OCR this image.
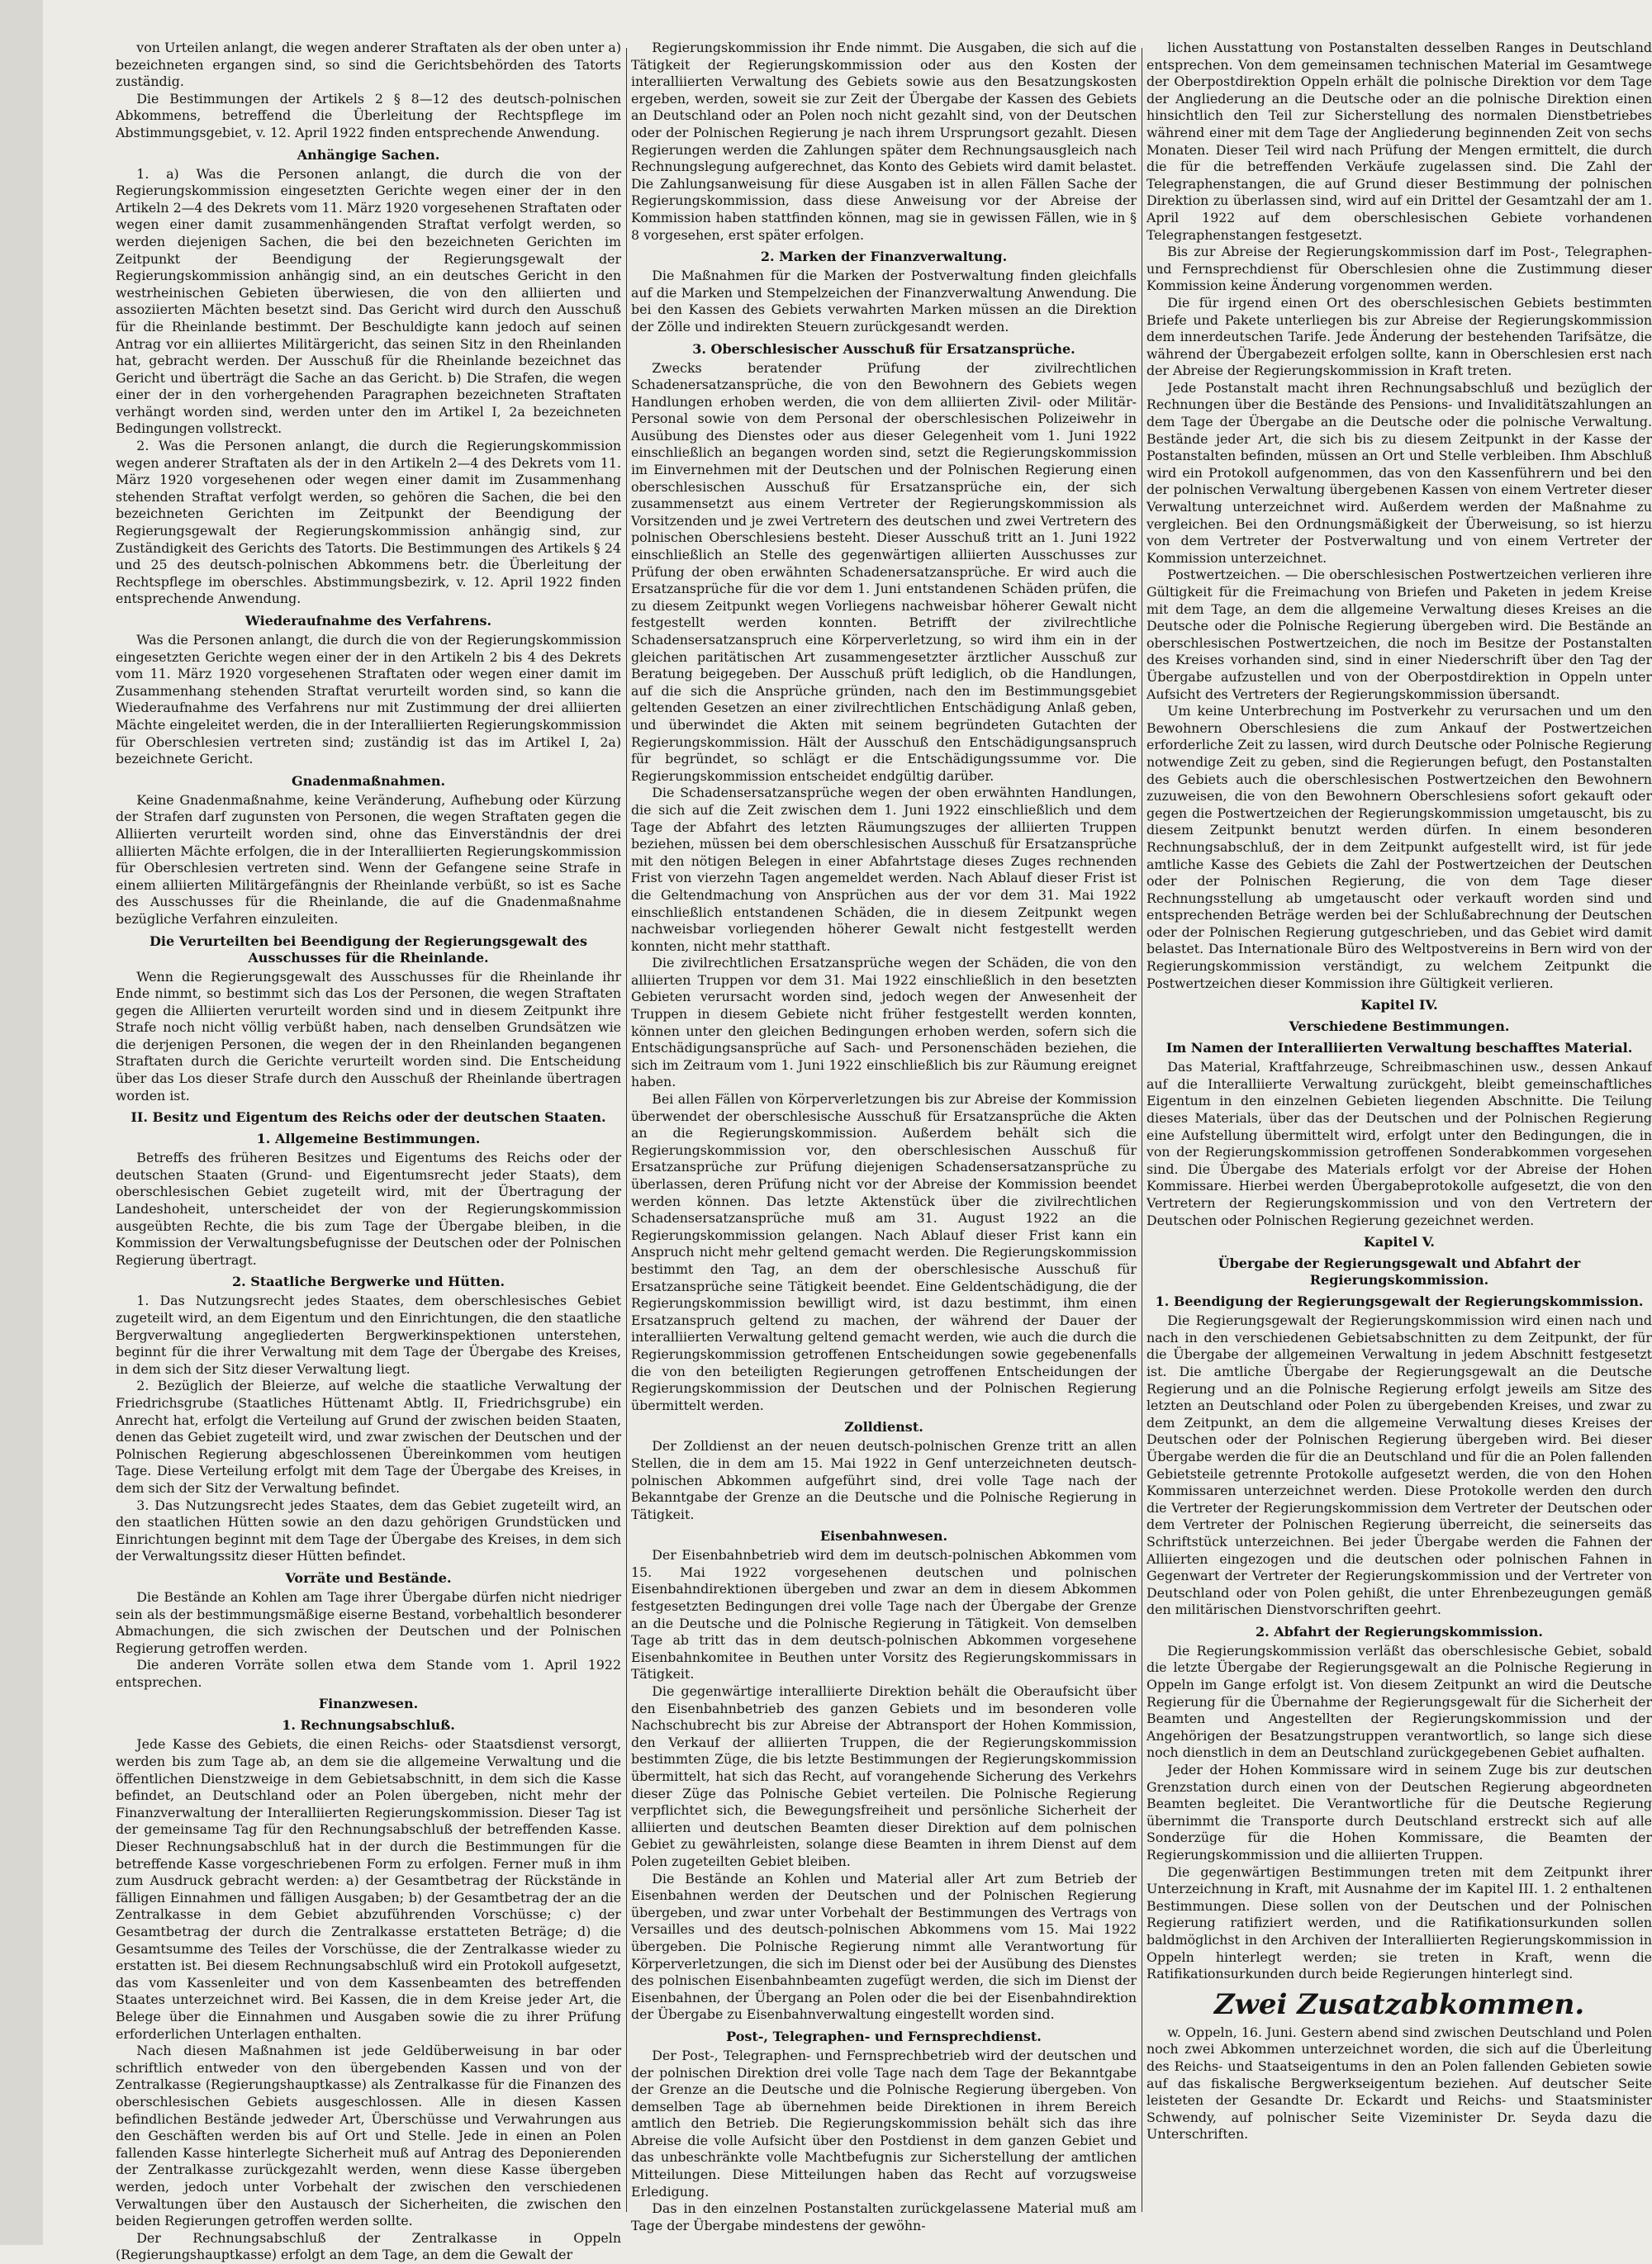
von Urteilen anlangt, die wegen anderer Straftaten als der oben unter a) bezeichneten ergangen sind, so sind die Gerichtsbehörden des Tatorts zuständig.

Die Bestimmungen der Artikels 2 § 8—12 des deutsch-polnischen Abkommens, betreffend die Überleitung der Rechtspflege im Abstimmungsgebiet, v. 12. April 1922 finden entsprechende Anwendung.

Anhängige Sachen.

1. a) Was die Personen anlangt, die durch die von der Regierungskommission eingesetzten Gerichte wegen einer der in den Artikeln 2—4 des Dekrets vom 11. März 1920 vorgesehenen Straftaten oder wegen einer damit zusammenhängenden Straftat verfolgt werden, so werden diejenigen Sachen, die bei den bezeichneten Gerichten im Zeitpunkt der Beendigung der Regierungsgewalt der Regierungskommission anhängig sind, an ein deutsches Gericht in den westrheinischen Gebieten überwiesen, die von den alliierten und assoziierten Mächten besetzt sind. Das Gericht wird durch den Ausschuß für die Rheinlande bestimmt. Der Beschuldigte kann jedoch auf seinen Antrag vor ein alliiertes Militärgericht, das seinen Sitz in den Rheinlanden hat, gebracht werden. Der Ausschuß für die Rheinlande bezeichnet das Gericht und überträgt die Sache an das Gericht. b) Die Strafen, die wegen einer der in den vorhergehenden Paragraphen bezeichneten Straftaten verhängt worden sind, werden unter den im Artikel I, 2a bezeichneten Bedingungen vollstreckt.

2. Was die Personen anlangt, die durch die Regierungskommission wegen anderer Straftaten als der in den Artikeln 2—4 des Dekrets vom 11. März 1920 vorgesehenen oder wegen einer damit im Zusammenhang stehenden Straftat verfolgt werden, so gehören die Sachen, die bei den bezeichneten Gerichten im Zeitpunkt der Beendigung der Regierungsgewalt der Regierungskommission anhängig sind, zur Zuständigkeit des Gerichts des Tatorts. Die Bestimmungen des Artikels § 24 und 25 des deutsch-polnischen Abkommens betr. die Überleitung der Rechtspflege im oberschles. Abstimmungsbezirk, v. 12. April 1922 finden entsprechende Anwendung.

Wiederaufnahme des Verfahrens.

Was die Personen anlangt, die durch die von der Regierungskommission eingesetzten Gerichte wegen einer der in den Artikeln 2 bis 4 des Dekrets vom 11. März 1920 vorgesehenen Straftaten oder wegen einer damit im Zusammenhang stehenden Straftat verurteilt worden sind, so kann die Wiederaufnahme des Verfahrens nur mit Zustimmung der drei alliierten Mächte eingeleitet werden, die in der Interalliierten Regierungskommission für Oberschlesien vertreten sind; zuständig ist das im Artikel I, 2a) bezeichnete Gericht.

Gnadenmaßnahmen.

Keine Gnadenmaßnahme, keine Veränderung, Aufhebung oder Kürzung der Strafen darf zugunsten von Personen, die wegen Straftaten gegen die Alliierten verurteilt worden sind, ohne das Einverständnis der drei alliierten Mächte erfolgen, die in der Interalliierten Regierungskommission für Oberschlesien vertreten sind. Wenn der Gefangene seine Strafe in einem alliierten Militärgefängnis der Rheinlande verbüßt, so ist es Sache des Ausschusses für die Rheinlande, die auf die Gnadenmaßnahme bezügliche Verfahren einzuleiten.

Die Verurteilten bei Beendigung der Regierungsgewalt des Ausschusses für die Rheinlande.

Wenn die Regierungsgewalt des Ausschusses für die Rheinlande ihr Ende nimmt, so bestimmt sich das Los der Personen, die wegen Straftaten gegen die Alliierten verurteilt worden sind und in diesem Zeitpunkt ihre Strafe noch nicht völlig verbüßt haben, nach denselben Grundsätzen wie die derjenigen Personen, die wegen der in den Rheinlanden begangenen Straftaten durch die Gerichte verurteilt worden sind. Die Entscheidung über das Los dieser Strafe durch den Ausschuß der Rheinlande übertragen worden ist.

II. Besitz und Eigentum des Reichs oder der deutschen Staaten.
1. Allgemeine Bestimmungen.

Betreffs des früheren Besitzes und Eigentums des Reichs oder der deutschen Staaten (Grund- und Eigentumsrecht jeder Staats), dem oberschlesischen Gebiet zugeteilt wird, mit der Übertragung der Landeshoheit, unterscheidet der von der Regierungskommission ausgeübten Rechte, die bis zum Tage der Übergabe bleiben, in die Kommission der Verwaltungsbefugnisse der Deutschen oder der Polnischen Regierung übertragt.

2. Staatliche Bergwerke und Hütten.

1. Das Nutzungsrecht jedes Staates, dem oberschlesisches Gebiet zugeteilt wird, an dem Eigentum und den Einrichtungen, die den staatliche Bergverwaltung angegliederten Bergwerkinspektionen unterstehen, beginnt für die ihrer Verwaltung mit dem Tage der Übergabe des Kreises, in dem sich der Sitz dieser Verwaltung liegt.

2. Bezüglich der Bleierze, auf welche die staatliche Verwaltung der Friedrichsgrube (Staatliches Hüttenamt Abtlg. II, Friedrichsgrube) ein Anrecht hat, erfolgt die Verteilung auf Grund der zwischen beiden Staaten, denen das Gebiet zugeteilt wird, und zwar zwischen der Deutschen und der Polnischen Regierung abgeschlossenen Übereinkommen vom heutigen Tage. Diese Verteilung erfolgt mit dem Tage der Übergabe des Kreises, in dem sich der Sitz der Verwaltung befindet.

3. Das Nutzungsrecht jedes Staates, dem das Gebiet zugeteilt wird, an den staatlichen Hütten sowie an den dazu gehörigen Grundstücken und Einrichtungen beginnt mit dem Tage der Übergabe des Kreises, in dem sich der Verwaltungssitz dieser Hütten befindet.

Vorräte und Bestände.

Die Bestände an Kohlen am Tage ihrer Übergabe dürfen nicht niedriger sein als der bestimmungsmäßige eiserne Bestand, vorbehaltlich besonderer Abmachungen, die sich zwischen der Deutschen und der Polnischen Regierung getroffen werden.

Die anderen Vorräte sollen etwa dem Stande vom 1. April 1922 entsprechen.

Finanzwesen.
1. Rechnungsabschluß.

Jede Kasse des Gebiets, die einen Reichs- oder Staatsdienst versorgt, werden bis zum Tage ab, an dem sie die allgemeine Verwaltung und die öffentlichen Dienstzweige in dem Gebietsabschnitt, in dem sich die Kasse befindet, an Deutschland oder an Polen übergeben, nicht mehr der Finanzverwaltung der Interalliierten Regierungskommission. Dieser Tag ist der gemeinsame Tag für den Rechnungsabschluß der betreffenden Kasse. Dieser Rechnungsabschluß hat in der durch die Bestimmungen für die betreffende Kasse vorgeschriebenen Form zu erfolgen. Ferner muß in ihm zum Ausdruck gebracht werden: a) der Gesamtbetrag der Rückstände in fälligen Einnahmen und fälligen Ausgaben; b) der Gesamtbetrag der an die Zentralkasse in dem Gebiet abzuführenden Vorschüsse; c) der Gesamtbetrag der durch die Zentralkasse erstatteten Beträge; d) die Gesamtsumme des Teiles der Vorschüsse, die der Zentralkasse wieder zu erstatten ist. Bei diesem Rechnungsabschluß wird ein Protokoll aufgesetzt, das vom Kassenleiter und von dem Kassenbeamten des betreffenden Staates unterzeichnet wird. Bei Kassen, die in dem Kreise jeder Art, die Belege über die Einnahmen und Ausgaben sowie die zu ihrer Prüfung erforderlichen Unterlagen enthalten.

Nach diesen Maßnahmen ist jede Geldüberweisung in bar oder schriftlich entweder von den übergebenden Kassen und von der Zentralkasse (Regierungshauptkasse) als Zentralkasse für die Finanzen des oberschlesischen Gebiets ausgeschlossen. Alle in diesen Kassen befindlichen Bestände jedweder Art, Überschüsse und Verwahrungen aus den Geschäften werden bis auf Ort und Stelle. Jede in einen an Polen fallenden Kasse hinterlegte Sicherheit muß auf Antrag des Deponierenden der Zentralkasse zurückgezahlt werden, wenn diese Kasse übergeben werden, jedoch unter Vorbehalt der zwischen den verschiedenen Verwaltungen über den Austausch der Sicherheiten, die zwischen den beiden Regierungen getroffen werden sollte.

Der Rechnungsabschluß der Zentralkasse in Oppeln (Regierungshauptkasse) erfolgt an dem Tage, an dem die Gewalt der

Regierungskommission ihr Ende nimmt. Die Ausgaben, die sich auf die Tätigkeit der Regierungskommission oder aus den Kosten der interalliierten Verwaltung des Gebiets sowie aus den Besatzungskosten ergeben, werden, soweit sie zur Zeit der Übergabe der Kassen des Gebiets an Deutschland oder an Polen noch nicht gezahlt sind, von der Deutschen oder der Polnischen Regierung je nach ihrem Ursprungsort gezahlt. Diesen Regierungen werden die Zahlungen später dem Rechnungsausgleich nach Rechnungslegung aufgerechnet, das Konto des Gebiets wird damit belastet. Die Zahlungsanweisung für diese Ausgaben ist in allen Fällen Sache der Regierungskommission, dass diese Anweisung vor der Abreise der Kommission haben stattfinden können, mag sie in gewissen Fällen, wie in § 8 vorgesehen, erst später erfolgen.

2. Marken der Finanzverwaltung.

Die Maßnahmen für die Marken der Postverwaltung finden gleichfalls auf die Marken und Stempelzeichen der Finanzverwaltung Anwendung. Die bei den Kassen des Gebiets verwahrten Marken müssen an die Direktion der Zölle und indirekten Steuern zurückgesandt werden.

3. Oberschlesischer Ausschuß für Ersatzansprüche.

Zwecks beratender Prüfung der zivilrechtlichen Schadenersatzansprüche, die von den Bewohnern des Gebiets wegen Handlungen erhoben werden, die von dem alliierten Zivil- oder Militär-Personal sowie von dem Personal der oberschlesischen Polizeiwehr in Ausübung des Dienstes oder aus dieser Gelegenheit vom 1. Juni 1922 einschließlich an begangen worden sind, setzt die Regierungskommission im Einvernehmen mit der Deutschen und der Polnischen Regierung einen oberschlesischen Ausschuß für Ersatzansprüche ein, der sich zusammensetzt aus einem Vertreter der Regierungskommission als Vorsitzenden und je zwei Vertretern des deutschen und zwei Vertretern des polnischen Oberschlesiens besteht. Dieser Ausschuß tritt an 1. Juni 1922 einschließlich an Stelle des gegenwärtigen alliierten Ausschusses zur Prüfung der oben erwähnten Schadenersatzansprüche. Er wird auch die Ersatzansprüche für die vor dem 1. Juni entstandenen Schäden prüfen, die zu diesem Zeitpunkt wegen Vorliegens nachweisbar höherer Gewalt nicht festgestellt werden konnten. Betrifft der zivilrechtliche Schadensersatzanspruch eine Körperverletzung, so wird ihm ein in der gleichen paritätischen Art zusammengesetzter ärztlicher Ausschuß zur Beratung beigegeben. Der Ausschuß prüft lediglich, ob die Handlungen, auf die sich die Ansprüche gründen, nach den im Bestimmungsgebiet geltenden Gesetzen an einer zivilrechtlichen Entschädigung Anlaß geben, und überwindet die Akten mit seinem begründeten Gutachten der Regierungskommission. Hält der Ausschuß den Entschädigungsanspruch für begründet, so schlägt er die Entschädigungssumme vor. Die Regierungskommission entscheidet endgültig darüber.

Die Schadensersatzansprüche wegen der oben erwähnten Handlungen, die sich auf die Zeit zwischen dem 1. Juni 1922 einschließlich und dem Tage der Abfahrt des letzten Räumungszuges der alliierten Truppen beziehen, müssen bei dem oberschlesischen Ausschuß für Ersatzansprüche mit den nötigen Belegen in einer Abfahrtstage dieses Zuges rechnenden Frist von vierzehn Tagen angemeldet werden. Nach Ablauf dieser Frist ist die Geltendmachung von Ansprüchen aus der vor dem 31. Mai 1922 einschließlich entstandenen Schäden, die in diesem Zeitpunkt wegen nachweisbar vorliegenden höherer Gewalt nicht festgestellt werden konnten, nicht mehr statthaft.

Die zivilrechtlichen Ersatzansprüche wegen der Schäden, die von den alliierten Truppen vor dem 31. Mai 1922 einschließlich in den besetzten Gebieten verursacht worden sind, jedoch wegen der Anwesenheit der Truppen in diesem Gebiete nicht früher festgestellt werden konnten, können unter den gleichen Bedingungen erhoben werden, sofern sich die Entschädigungsansprüche auf Sach- und Personenschäden beziehen, die sich im Zeitraum vom 1. Juni 1922 einschließlich bis zur Räumung ereignet haben.

Bei allen Fällen von Körperverletzungen bis zur Abreise der Kommission überwendet der oberschlesische Ausschuß für Ersatzansprüche die Akten an die Regierungskommission. Außerdem behält sich die Regierungskommission vor, den oberschlesischen Ausschuß für Ersatzansprüche zur Prüfung diejenigen Schadensersatzansprüche zu überlassen, deren Prüfung nicht vor der Abreise der Kommission beendet werden können. Das letzte Aktenstück über die zivilrechtlichen Schadensersatzansprüche muß am 31. August 1922 an die Regierungskommission gelangen. Nach Ablauf dieser Frist kann ein Anspruch nicht mehr geltend gemacht werden. Die Regierungskommission bestimmt den Tag, an dem der oberschlesische Ausschuß für Ersatzansprüche seine Tätigkeit beendet. Eine Geldentschädigung, die der Regierungskommission bewilligt wird, ist dazu bestimmt, ihm einen Ersatzanspruch geltend zu machen, der während der Dauer der interalliierten Verwaltung geltend gemacht werden, wie auch die durch die Regierungskommission getroffenen Entscheidungen sowie gegebenenfalls die von den beteiligten Regierungen getroffenen Entscheidungen der Regierungskommission der Deutschen und der Polnischen Regierung übermittelt werden.

Zolldienst.

Der Zolldienst an der neuen deutsch-polnischen Grenze tritt an allen Stellen, die in dem am 15. Mai 1922 in Genf unterzeichneten deutsch-polnischen Abkommen aufgeführt sind, drei volle Tage nach der Bekanntgabe der Grenze an die Deutsche und die Polnische Regierung in Tätigkeit.

Eisenbahnwesen.

Der Eisenbahnbetrieb wird dem im deutsch-polnischen Abkommen vom 15. Mai 1922 vorgesehenen deutschen und polnischen Eisenbahndirektionen übergeben und zwar an dem in diesem Abkommen festgesetzten Bedingungen drei volle Tage nach der Übergabe der Grenze an die Deutsche und die Polnische Regierung in Tätigkeit. Von demselben Tage ab tritt das in dem deutsch-polnischen Abkommen vorgesehene Eisenbahnkomitee in Beuthen unter Vorsitz des Regierungskommissars in Tätigkeit.

Die gegenwärtige interalliierte Direktion behält die Oberaufsicht über den Eisenbahnbetrieb des ganzen Gebiets und im besonderen volle Nachschubrecht bis zur Abreise der Abtransport der Hohen Kommission, den Verkauf der alliierten Truppen, die der Regierungskommission bestimmten Züge, die bis letzte Bestimmungen der Regierungskommission übermittelt, hat sich das Recht, auf vorangehende Sicherung des Verkehrs dieser Züge das Polnische Gebiet verteilen. Die Polnische Regierung verpflichtet sich, die Bewegungsfreiheit und persönliche Sicherheit der alliierten und deutschen Beamten dieser Direktion auf dem polnischen Gebiet zu gewährleisten, solange diese Beamten in ihrem Dienst auf dem Polen zugeteilten Gebiet bleiben.

Die Bestände an Kohlen und Material aller Art zum Betrieb der Eisenbahnen werden der Deutschen und der Polnischen Regierung übergeben, und zwar unter Vorbehalt der Bestimmungen des Vertrags von Versailles und des deutsch-polnischen Abkommens vom 15. Mai 1922 übergeben. Die Polnische Regierung nimmt alle Verantwortung für Körperverletzungen, die sich im Dienst oder bei der Ausübung des Dienstes des polnischen Eisenbahnbeamten zugefügt werden, die sich im Dienst der Eisenbahnen, der Übergang an Polen oder die bei der Eisenbahndirektion der Übergabe zu Eisenbahnverwaltung eingestellt worden sind.

Post-, Telegraphen- und Fernsprechdienst.

Der Post-, Telegraphen- und Fernsprechbetrieb wird der deutschen und der polnischen Direktion drei volle Tage nach dem Tage der Bekanntgabe der Grenze an die Deutsche und die Polnische Regierung übergeben. Von demselben Tage ab übernehmen beide Direktionen in ihrem Bereich amtlich den Betrieb. Die Regierungskommission behält sich das ihre Abreise die volle Aufsicht über den Postdienst in dem ganzen Gebiet und das unbeschränkte volle Machtbefugnis zur Sicherstellung der amtlichen Mitteilungen. Diese Mitteilungen haben das Recht auf vorzugsweise Erledigung.

Das in den einzelnen Postanstalten zurückgelassene Material muß am Tage der Übergabe mindestens der gewöhn-

lichen Ausstattung von Postanstalten desselben Ranges in Deutschland entsprechen. Von dem gemeinsamen technischen Material im Gesamtwege der Oberpostdirektion Oppeln erhält die polnische Direktion vor dem Tage der Angliederung an die Deutsche oder an die polnische Direktion einen hinsichtlich den Teil zur Sicherstellung des normalen Dienstbetriebes während einer mit dem Tage der Angliederung beginnenden Zeit von sechs Monaten. Dieser Teil wird nach Prüfung der Mengen ermittelt, die durch die für die betreffenden Verkäufe zugelassen sind. Die Zahl der Telegraphenstangen, die auf Grund dieser Bestimmung der polnischen Direktion zu überlassen sind, wird auf ein Drittel der Gesamtzahl der am 1. April 1922 auf dem oberschlesischen Gebiete vorhandenen Telegraphenstangen festgesetzt.

Bis zur Abreise der Regierungskommission darf im Post-, Telegraphen- und Fernsprechdienst für Oberschlesien ohne die Zustimmung dieser Kommission keine Änderung vorgenommen werden.

Die für irgend einen Ort des oberschlesischen Gebiets bestimmten Briefe und Pakete unterliegen bis zur Abreise der Regierungskommission dem innerdeutschen Tarife. Jede Änderung der bestehenden Tarifsätze, die während der Übergabezeit erfolgen sollte, kann in Oberschlesien erst nach der Abreise der Regierungskommission in Kraft treten.

Jede Postanstalt macht ihren Rechnungsabschluß und bezüglich der Rechnungen über die Bestände des Pensions- und Invaliditätszahlungen an dem Tage der Übergabe an die Deutsche oder die polnische Verwaltung. Bestände jeder Art, die sich bis zu diesem Zeitpunkt in der Kasse der Postanstalten befinden, müssen an Ort und Stelle verbleiben. Ihm Abschluß wird ein Protokoll aufgenommen, das von den Kassenführern und bei den der polnischen Verwaltung übergebenen Kassen von einem Vertreter dieser Verwaltung unterzeichnet wird. Außerdem werden der Maßnahme zu vergleichen. Bei den Ordnungsmäßigkeit der Überweisung, so ist hierzu von dem Vertreter der Postverwaltung und von einem Vertreter der Kommission unterzeichnet.

Postwertzeichen. — Die oberschlesischen Postwertzeichen verlieren ihre Gültigkeit für die Freimachung von Briefen und Paketen in jedem Kreise mit dem Tage, an dem die allgemeine Verwaltung dieses Kreises an die Deutsche oder die Polnische Regierung übergeben wird. Die Bestände an oberschlesischen Postwertzeichen, die noch im Besitze der Postanstalten des Kreises vorhanden sind, sind in einer Niederschrift über den Tag der Übergabe aufzustellen und von der Oberpostdirektion in Oppeln unter Aufsicht des Vertreters der Regierungskommission übersandt.

Um keine Unterbrechung im Postverkehr zu verursachen und um den Bewohnern Oberschlesiens die zum Ankauf der Postwertzeichen erforderliche Zeit zu lassen, wird durch Deutsche oder Polnische Regierung notwendige Zeit zu geben, sind die Regierungen befugt, den Postanstalten des Gebiets auch die oberschlesischen Postwertzeichen den Bewohnern zuzuweisen, die von den Bewohnern Oberschlesiens sofort gekauft oder gegen die Postwertzeichen der Regierungskommission umgetauscht, bis zu diesem Zeitpunkt benutzt werden dürfen. In einem besonderen Rechnungsabschluß, der in dem Zeitpunkt aufgestellt wird, ist für jede amtliche Kasse des Gebiets die Zahl der Postwertzeichen der Deutschen oder der Polnischen Regierung, die von dem Tage dieser Rechnungsstellung ab umgetauscht oder verkauft worden sind und entsprechenden Beträge werden bei der Schlußabrechnung der Deutschen oder der Polnischen Regierung gutgeschrieben, und das Gebiet wird damit belastet. Das Internationale Büro des Weltpostvereins in Bern wird von der Regierungskommission verständigt, zu welchem Zeitpunkt die Postwertzeichen dieser Kommission ihre Gültigkeit verlieren.

Kapitel IV.
Verschiedene Bestimmungen.
Im Namen der Interalliierten Verwaltung beschafftes Material.

Das Material, Kraftfahrzeuge, Schreibmaschinen usw., dessen Ankauf auf die Interalliierte Verwaltung zurückgeht, bleibt gemeinschaftliches Eigentum in den einzelnen Gebieten liegenden Abschnitte. Die Teilung dieses Materials, über das der Deutschen und der Polnischen Regierung eine Aufstellung übermittelt wird, erfolgt unter den Bedingungen, die in von der Regierungskommission getroffenen Sonderabkommen vorgesehen sind. Die Übergabe des Materials erfolgt vor der Abreise der Hohen Kommissare. Hierbei werden Übergabeprotokolle aufgesetzt, die von den Vertretern der Regierungskommission und von den Vertretern der Deutschen oder Polnischen Regierung gezeichnet werden.

Kapitel V.
Übergabe der Regierungsgewalt und Abfahrt der Regierungskommission.
1. Beendigung der Regierungsgewalt der Regierungskommission.

Die Regierungsgewalt der Regierungskommission wird einen nach und nach in den verschiedenen Gebietsabschnitten zu dem Zeitpunkt, der für die Übergabe der allgemeinen Verwaltung in jedem Abschnitt festgesetzt ist. Die amtliche Übergabe der Regierungsgewalt an die Deutsche Regierung und an die Polnische Regierung erfolgt jeweils am Sitze des letzten an Deutschland oder Polen zu übergebenden Kreises, und zwar zu dem Zeitpunkt, an dem die allgemeine Verwaltung dieses Kreises der Deutschen oder der Polnischen Regierung übergeben wird. Bei dieser Übergabe werden die für die an Deutschland und für die an Polen fallenden Gebietsteile getrennte Protokolle aufgesetzt werden, die von den Hohen Kommissaren unterzeichnet werden. Diese Protokolle werden den durch die Vertreter der Regierungskommission dem Vertreter der Deutschen oder dem Vertreter der Polnischen Regierung überreicht, die seinerseits das Schriftstück unterzeichnen. Bei jeder Übergabe werden die Fahnen der Alliierten eingezogen und die deutschen oder polnischen Fahnen in Gegenwart der Vertreter der Regierungskommission und der Vertreter von Deutschland oder von Polen gehißt, die unter Ehrenbezeugungen gemäß den militärischen Dienstvorschriften geehrt.

2. Abfahrt der Regierungskommission.

Die Regierungskommission verläßt das oberschlesische Gebiet, sobald die letzte Übergabe der Regierungsgewalt an die Polnische Regierung in Oppeln im Gange erfolgt ist. Von diesem Zeitpunkt an wird die Deutsche Regierung für die Übernahme der Regierungsgewalt für die Sicherheit der Beamten und Angestellten der Regierungskommission und der Angehörigen der Besatzungstruppen verantwortlich, so lange sich diese noch dienstlich in dem an Deutschland zurückgegebenen Gebiet aufhalten.

Jeder der Hohen Kommissare wird in seinem Zuge bis zur deutschen Grenzstation durch einen von der Deutschen Regierung abgeordneten Beamten begleitet. Die Verantwortliche für die Deutsche Regierung übernimmt die Transporte durch Deutschland erstreckt sich auf alle Sonderzüge für die Hohen Kommissare, die Beamten der Regierungskommission und die alliierten Truppen.

Die gegenwärtigen Bestimmungen treten mit dem Zeitpunkt ihrer Unterzeichnung in Kraft, mit Ausnahme der im Kapitel III. 1. 2 enthaltenen Bestimmungen. Diese sollen von der Deutschen und der Polnischen Regierung ratifiziert werden, und die Ratifikationsurkunden sollen baldmöglichst in den Archiven der Interalliierten Regierungskommission in Oppeln hinterlegt werden; sie treten in Kraft, wenn die Ratifikationsurkunden durch beide Regierungen hinterlegt sind.

Zwei Zusatzabkommen.

w. Oppeln, 16. Juni. Gestern abend sind zwischen Deutschland und Polen noch zwei Abkommen unterzeichnet worden, die sich auf die Überleitung des Reichs- und Staatseigentums in den an Polen fallenden Gebieten sowie auf das fiskalische Bergwerkseigentum beziehen. Auf deutscher Seite leisteten der Gesandte Dr. Eckardt und Reichs- und Staatsminister Schwendy, auf polnischer Seite Vizeminister Dr. Seyda dazu die Unterschriften.
